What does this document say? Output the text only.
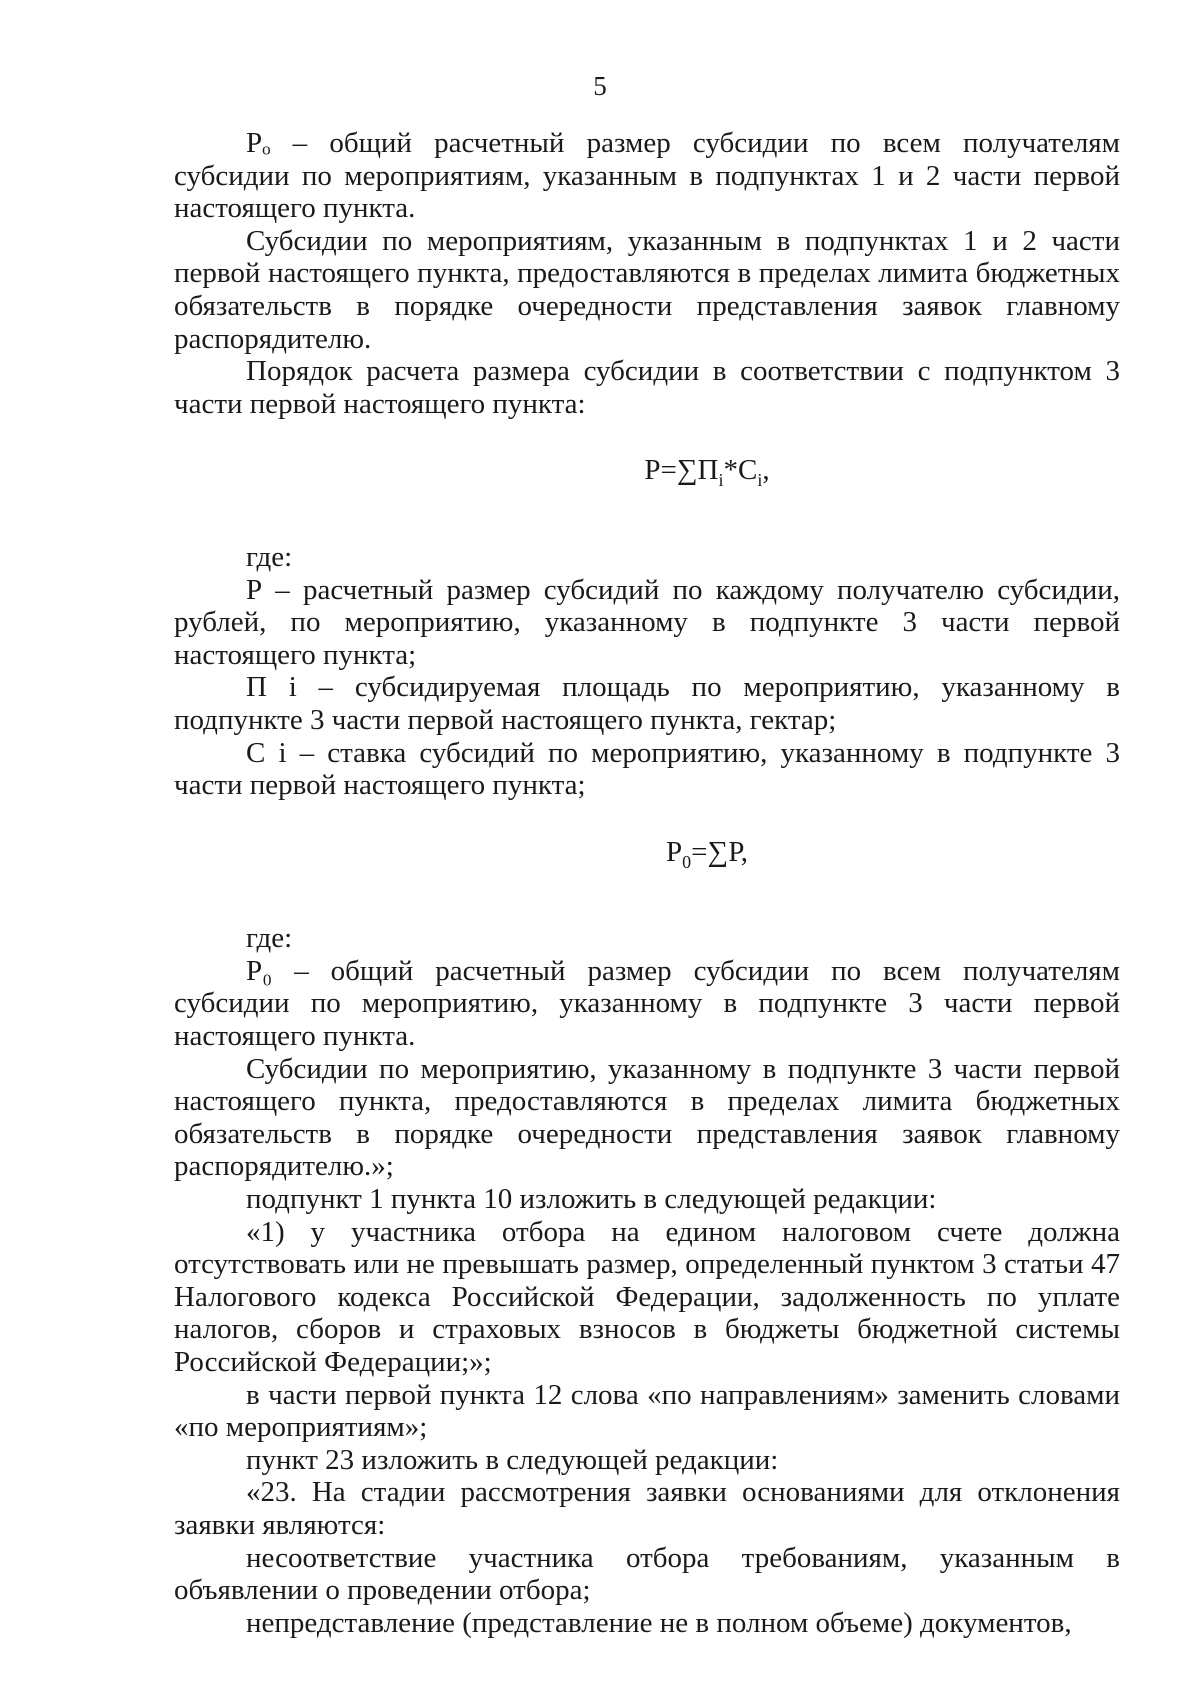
5

Pₒ – общий расчетный размер субсидии по всем получателям субсидии по мероприятиям, указанным в подпунктах 1 и 2 части первой настоящего пункта.

Субсидии по мероприятиям, указанным в подпунктах 1 и 2 части первой настоящего пункта, предоставляются в пределах лимита бюджетных обязательств в порядке очередности представления заявок главному распорядителю.

Порядок расчета размера субсидии в соответствии с подпунктом 3 части первой настоящего пункта:

$Р=\sum П_i*С_i$,

где:

Р – расчетный размер субсидий по каждому получателю субсидии, рублей, по мероприятию, указанному в подпункте 3 части первой настоящего пункта;

П i – субсидируемая площадь по мероприятию, указанному в подпункте 3 части первой настоящего пункта, гектар;

С i – ставка субсидий по мероприятию, указанному в подпункте 3 части первой настоящего пункта;

$Р_0=\sum Р$,

где:

Р₀ – общий расчетный размер субсидии по всем получателям субсидии по мероприятию, указанному в подпункте 3 части первой настоящего пункта.

Субсидии по мероприятию, указанному в подпункте 3 части первой настоящего пункта, предоставляются в пределах лимита бюджетных обязательств в порядке очередности представления заявок главному распорядителю.»;

подпункт 1 пункта 10 изложить в следующей редакции:

«1) у участника отбора на едином налоговом счете должна отсутствовать или не превышать размер, определенный пунктом 3 статьи 47 Налогового кодекса Российской Федерации, задолженность по уплате налогов, сборов и страховых взносов в бюджеты бюджетной системы Российской Федерации;»;

в части первой пункта 12 слова «по направлениям» заменить словами «по мероприятиям»;

пункт 23 изложить в следующей редакции:

«23. На стадии рассмотрения заявки основаниями для отклонения заявки являются:

несоответствие участника отбора требованиям, указанным в объявлении о проведении отбора;

непредставление (представление не в полном объеме) документов,
